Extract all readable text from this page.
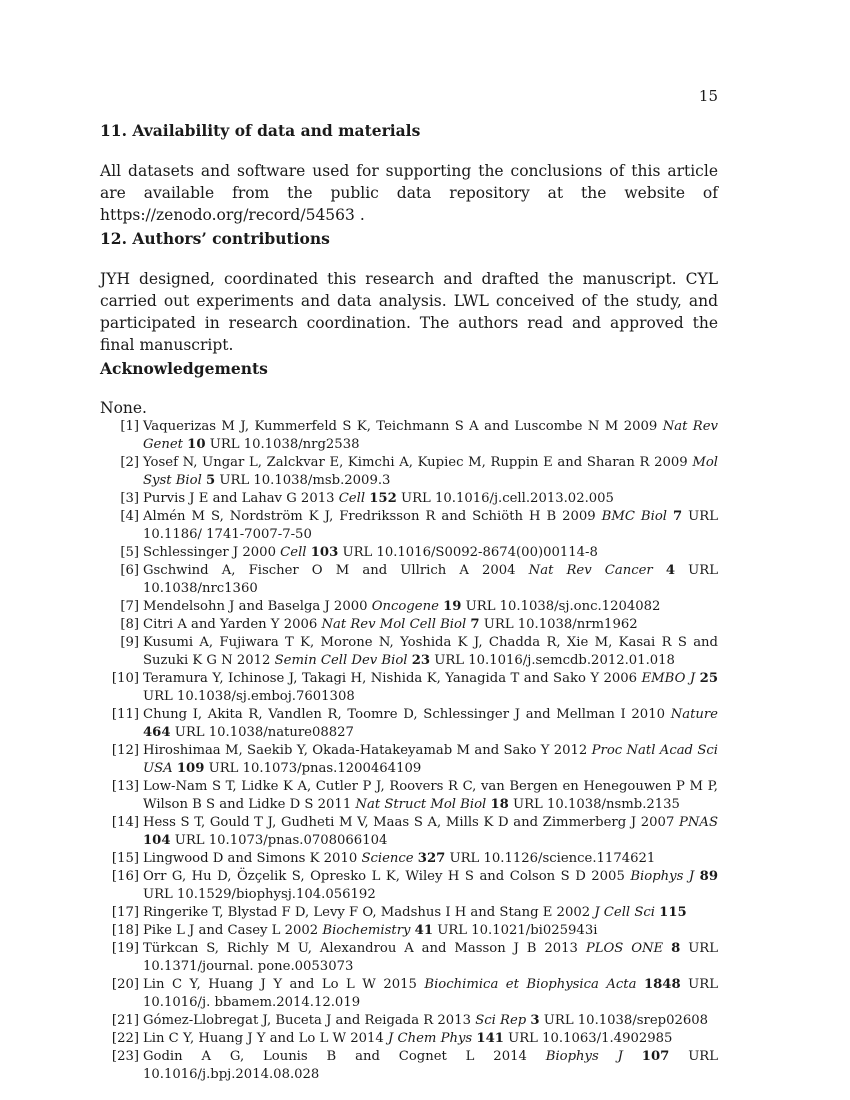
15
11. Availability of data and materials

All datasets and software used for supporting the conclusions of this article are available from the public data repository at the website of https://zenodo.org/record/54563 .

12. Authors’ contributions

JYH designed, coordinated this research and drafted the manuscript. CYL carried out experiments and data analysis. LWL conceived of the study, and participated in research coordination. The authors read and approved the final manuscript.

Acknowledgements

None.

[1] Vaquerizas M J, Kummerfeld S K, Teichmann S A and Luscombe N M 2009 Nat Rev Genet 10 URL 10.1038/nrg2538
[2] Yosef N, Ungar L, Zalckvar E, Kimchi A, Kupiec M, Ruppin E and Sharan R 2009 Mol Syst Biol 5 URL 10.1038/msb.2009.3
[3] Purvis J E and Lahav G 2013 Cell 152 URL 10.1016/j.cell.2013.02.005
[4] Almén M S, Nordström K J, Fredriksson R and Schiöth H B 2009 BMC Biol 7 URL 10.1186/ 1741-7007-7-50
[5] Schlessinger J 2000 Cell 103 URL 10.1016/S0092-8674(00)00114-8
[6] Gschwind A, Fischer O M and Ullrich A 2004 Nat Rev Cancer 4 URL 10.1038/nrc1360
[7] Mendelsohn J and Baselga J 2000 Oncogene 19 URL 10.1038/sj.onc.1204082
[8] Citri A and Yarden Y 2006 Nat Rev Mol Cell Biol 7 URL 10.1038/nrm1962
[9] Kusumi A, Fujiwara T K, Morone N, Yoshida K J, Chadda R, Xie M, Kasai R S and Suzuki K G N 2012 Semin Cell Dev Biol 23 URL 10.1016/j.semcdb.2012.01.018
[10] Teramura Y, Ichinose J, Takagi H, Nishida K, Yanagida T and Sako Y 2006 EMBO J 25 URL 10.1038/sj.emboj.7601308
[11] Chung I, Akita R, Vandlen R, Toomre D, Schlessinger J and Mellman I 2010 Nature 464 URL 10.1038/nature08827
[12] Hiroshimaa M, Saekib Y, Okada-Hatakeyamab M and Sako Y 2012 Proc Natl Acad Sci USA 109 URL 10.1073/pnas.1200464109
[13] Low-Nam S T, Lidke K A, Cutler P J, Roovers R C, van Bergen en Henegouwen P M P, Wilson B S and Lidke D S 2011 Nat Struct Mol Biol 18 URL 10.1038/nsmb.2135
[14] Hess S T, Gould T J, Gudheti M V, Maas S A, Mills K D and Zimmerberg J 2007 PNAS 104 URL 10.1073/pnas.0708066104
[15] Lingwood D and Simons K 2010 Science 327 URL 10.1126/science.1174621
[16] Orr G, Hu D, Özçelik S, Opresko L K, Wiley H S and Colson S D 2005 Biophys J 89 URL 10.1529/biophysj.104.056192
[17] Ringerike T, Blystad F D, Levy F O, Madshus I H and Stang E 2002 J Cell Sci 115
[18] Pike L J and Casey L 2002 Biochemistry 41 URL 10.1021/bi025943i
[19] Türkcan S, Richly M U, Alexandrou A and Masson J B 2013 PLOS ONE 8 URL 10.1371/journal. pone.0053073
[20] Lin C Y, Huang J Y and Lo L W 2015 Biochimica et Biophysica Acta 1848 URL 10.1016/j. bbamem.2014.12.019
[21] Gómez-Llobregat J, Buceta J and Reigada R 2013 Sci Rep 3 URL 10.1038/srep02608
[22] Lin C Y, Huang J Y and Lo L W 2014 J Chem Phys 141 URL 10.1063/1.4902985
[23] Godin A G, Lounis B and Cognet L 2014 Biophys J 107 URL 10.1016/j.bpj.2014.08.028
